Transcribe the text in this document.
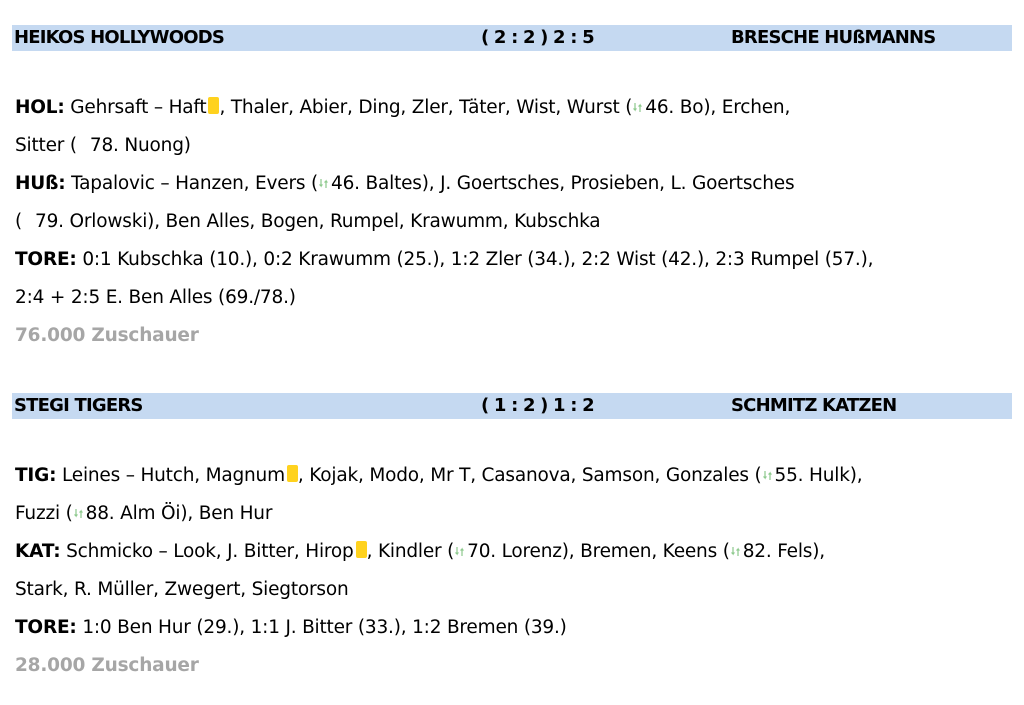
HEIKOS HOLLYWOODS	( 2 : 2 ) 2 : 5	BRESCHE HUßMANNS
HOL: Gehrsaft – Haft , Thaler, Abier, Ding, Zler, Täter, Wist, Wurst ( 46. Bo), Erchen,
Sitter ( 78. Nuong)
HUß: Tapalovic – Hanzen, Evers ( 46. Baltes), J. Goertsches, Prosieben, L. Goertsches
( 79. Orlowski), Ben Alles, Bogen, Rumpel, Krawumm, Kubschka
TORE: 0:1 Kubschka (10.), 0:2 Krawumm (25.), 1:2 Zler (34.), 2:2 Wist (42.), 2:3 Rumpel (57.),
2:4 + 2:5 E. Ben Alles (69./78.)
76.000 Zuschauer
STEGI TIGERS	( 1 : 2 ) 1 : 2	SCHMITZ KATZEN
TIG: Leines – Hutch, Magnum , Kojak, Modo, Mr T, Casanova, Samson, Gonzales ( 55. Hulk),
Fuzzi ( 88. Alm Öi), Ben Hur
KAT: Schmicko – Look, J. Bitter, Hirop , Kindler ( 70. Lorenz), Bremen, Keens ( 82. Fels),
Stark, R. Müller, Zwegert, Siegtorson
TORE: 1:0 Ben Hur (29.), 1:1 J. Bitter (33.), 1:2 Bremen (39.)
28.000 Zuschauer
